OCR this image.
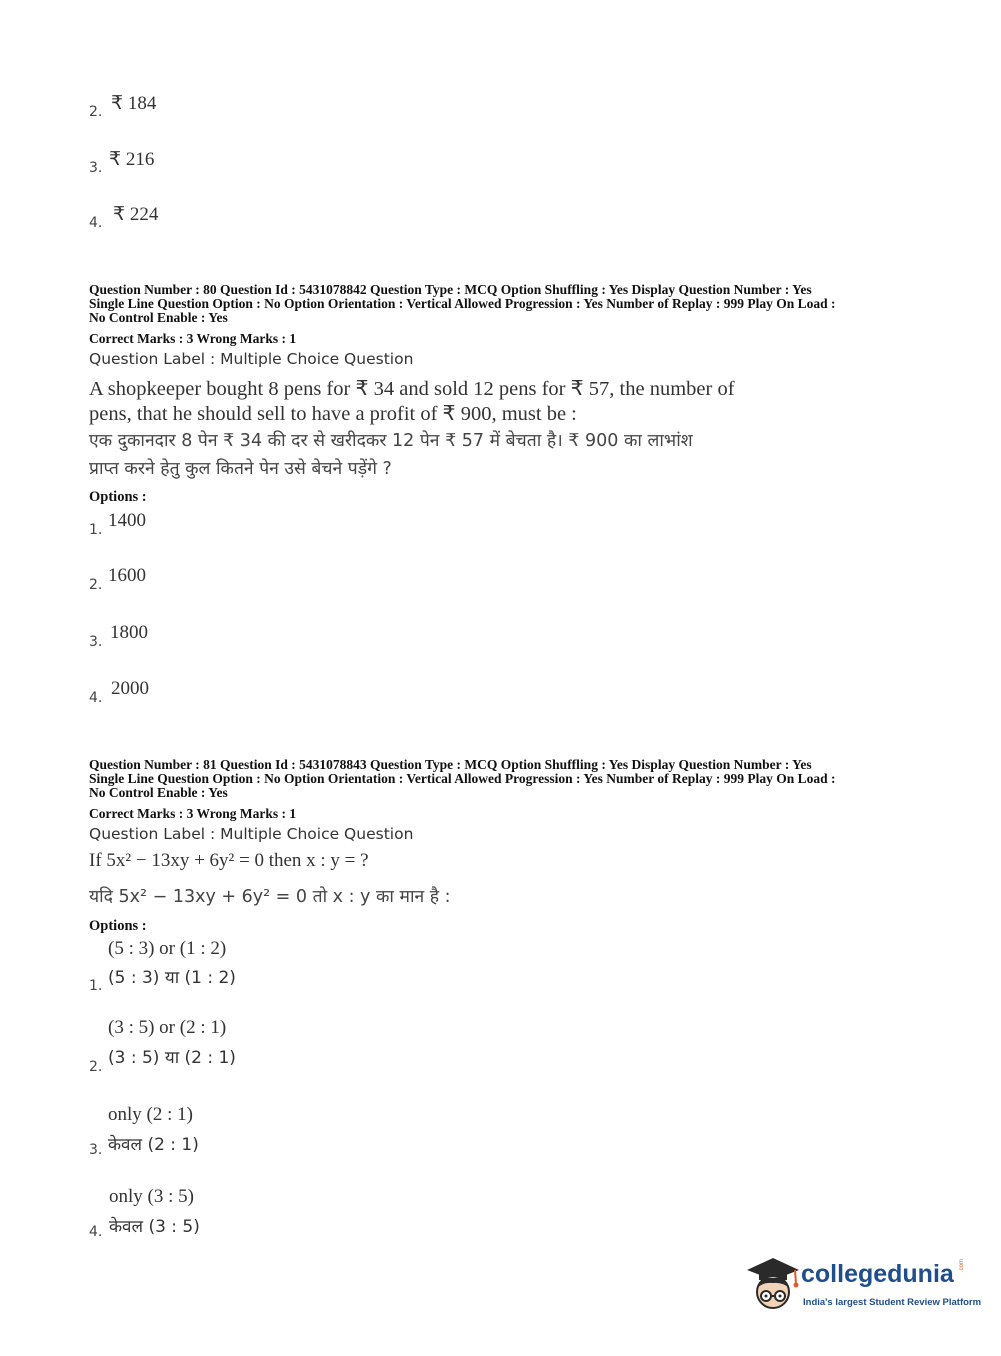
2. ₹ 184
3. ₹ 216
4. ₹ 224
Question Number : 80 Question Id : 5431078842 Question Type : MCQ Option Shuffling : Yes Display Question Number : Yes
Single Line Question Option : No Option Orientation : Vertical Allowed Progression : Yes Number of Replay : 999 Play On Load :
No Control Enable : Yes
Correct Marks : 3 Wrong Marks : 1
Question Label : Multiple Choice Question
A shopkeeper bought 8 pens for ₹ 34 and sold 12 pens for ₹ 57, the number of
pens, that he should sell to have a profit of ₹ 900, must be :
एक दुकानदार 8 पेन ₹ 34 की दर से खरीदकर 12 पेन ₹ 57 में बेचता है। ₹ 900 का लाभांश
प्राप्त करने हेतु कुल कितने पेन उसे बेचने पड़ेंगे ?
Options :
1. 1400
2. 1600
3. 1800
4. 2000
Question Number : 81 Question Id : 5431078843 Question Type : MCQ Option Shuffling : Yes Display Question Number : Yes
Single Line Question Option : No Option Orientation : Vertical Allowed Progression : Yes Number of Replay : 999 Play On Load :
No Control Enable : Yes
Correct Marks : 3 Wrong Marks : 1
Question Label : Multiple Choice Question
If 5x² − 13xy + 6y² = 0 then x : y = ?
यदि 5x² − 13xy + 6y² = 0 तो x : y का मान है :
Options :
(5 : 3) or (1 : 2)
1. (5 : 3) या (1 : 2)
(3 : 5) or (2 : 1)
2. (3 : 5) या (2 : 1)
only (2 : 1)
3. केवल (2 : 1)
only (3 : 5)
4. केवल (3 : 5)
collegedunia .com
India's largest Student Review Platform
